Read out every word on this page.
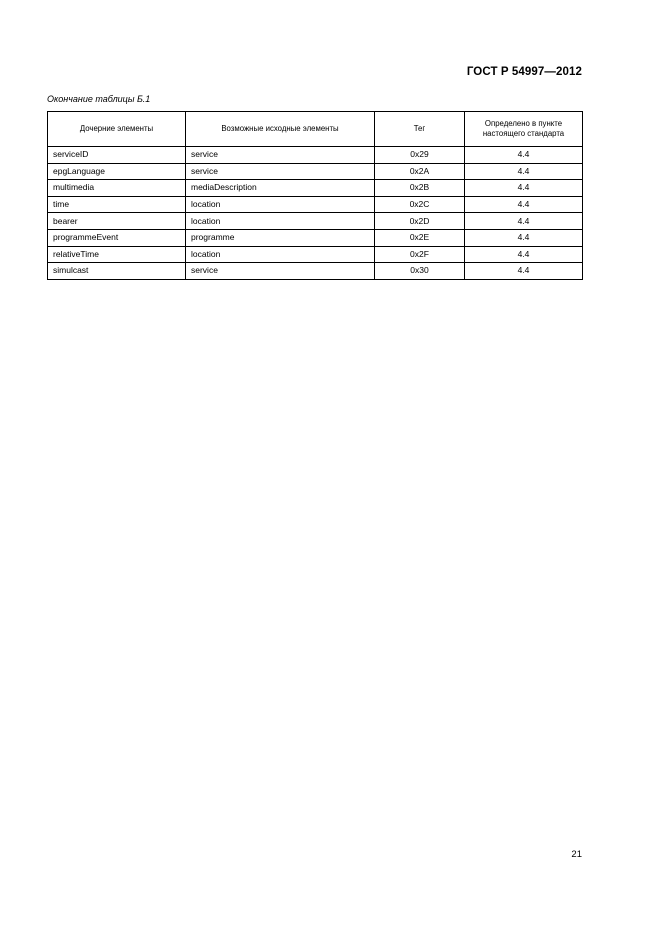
ГОСТ Р 54997—2012
Окончание таблицы Б.1
Дочерние элементы	Возможные исходные элементы	Тег	Определено в пункте настоящего стандарта
serviceID	service	0x29	4.4
epgLanguage	service	0x2A	4.4
multimedia	mediaDescription	0x2B	4.4
time	location	0x2C	4.4
bearer	location	0x2D	4.4
programmeEvent	programme	0x2E	4.4
relativeTime	location	0x2F	4.4
simulcast	service	0x30	4.4
21
